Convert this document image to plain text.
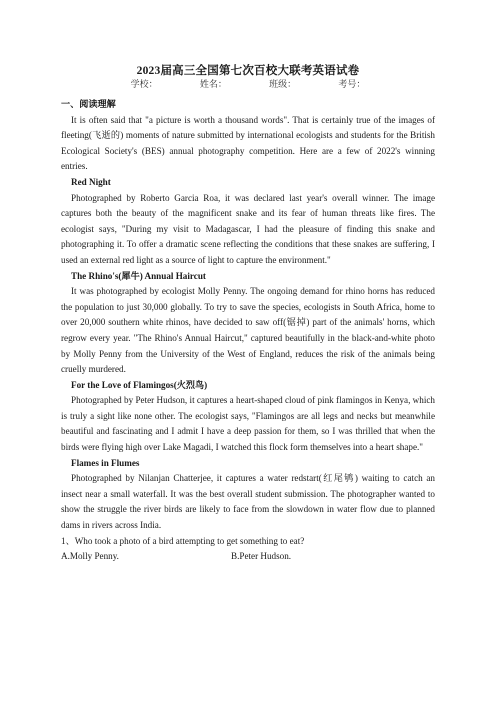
2023届高三全国第七次百校大联考英语试卷
学校：	姓名：	班级：	考号：

一、阅读理解

It is often said that "a picture is worth a thousand words". That is certainly true of the images of fleeting(飞逝的) moments of nature submitted by international ecologists and students for the British Ecological Society's (BES) annual photography competition. Here are a few of 2022's winning entries.

Red Night

Photographed by Roberto Garcia Roa, it was declared last year's overall winner. The image captures both the beauty of the magnificent snake and its fear of human threats like fires. The ecologist says, "During my visit to Madagascar, I had the pleasure of finding this snake and photographing it. To offer a dramatic scene reflecting the conditions that these snakes are suffering, I used an external red light as a source of light to capture the environment."

The Rhino's(犀牛) Annual Haircut

It was photographed by ecologist Molly Penny. The ongoing demand for rhino horns has reduced the population to just 30,000 globally. To try to save the species, ecologists in South Africa, home to over 20,000 southern white rhinos, have decided to saw off(锯掉) part of the animals' horns, which regrow every year. "The Rhino's Annual Haircut," captured beautifully in the black-and-white photo by Molly Penny from the University of the West of England, reduces the risk of the animals being cruelly murdered.

For the Love of Flamingos(火烈鸟)

Photographed by Peter Hudson, it captures a heart-shaped cloud of pink flamingos in Kenya, which is truly a sight like none other. The ecologist says, "Flamingos are all legs and necks but meanwhile beautiful and fascinating and I admit I have a deep passion for them, so I was thrilled that when the birds were flying high over Lake Magadi, I watched this flock form themselves into a heart shape."

Flames in Flumes

Photographed by Nilanjan Chatterjee, it captures a water redstart(红尾鸲) waiting to catch an insect near a small waterfall. It was the best overall student submission. The photographer wanted to show the struggle the river birds are likely to face from the slowdown in water flow due to planned dams in rivers across India.

1、Who took a photo of a bird attempting to get something to eat?

A.Molly Penny.	B.Peter Hudson.
